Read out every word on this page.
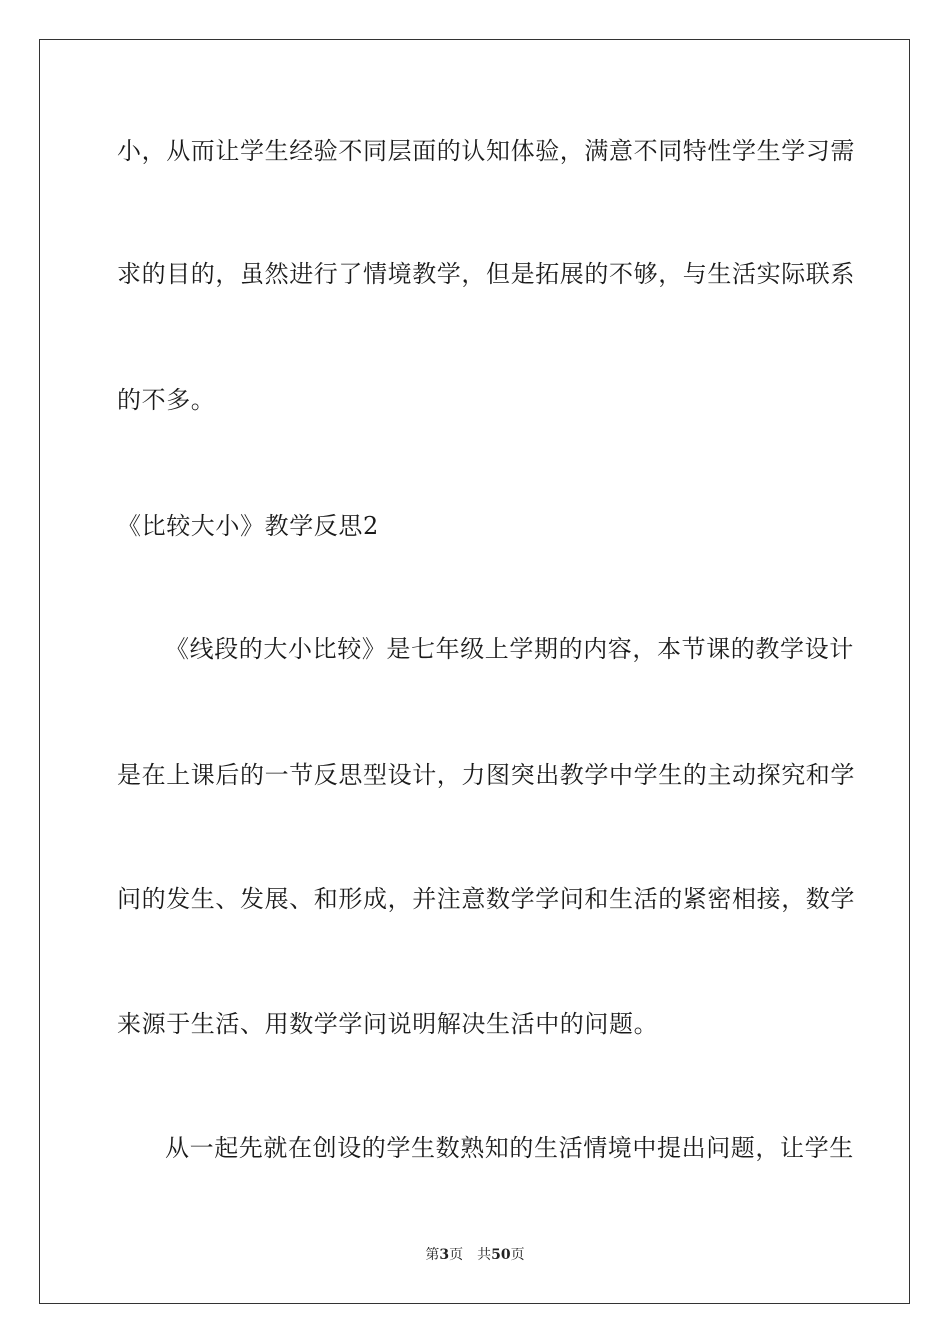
小，从而让学生经验不同层面的认知体验，满意不同特性学生学习需
求的目的，虽然进行了情境教学，但是拓展的不够，与生活实际联系
的不多。
《比较大小》教学反思2
《线段的大小比较》是七年级上学期的内容，本节课的教学设计
是在上课后的一节反思型设计，力图突出教学中学生的主动探究和学
问的发生、发展、和形成，并注意数学学问和生活的紧密相接，数学
来源于生活、用数学学问说明解决生活中的问题。
从一起先就在创设的学生数熟知的生活情境中提出问题，让学生
第3页 共50页
